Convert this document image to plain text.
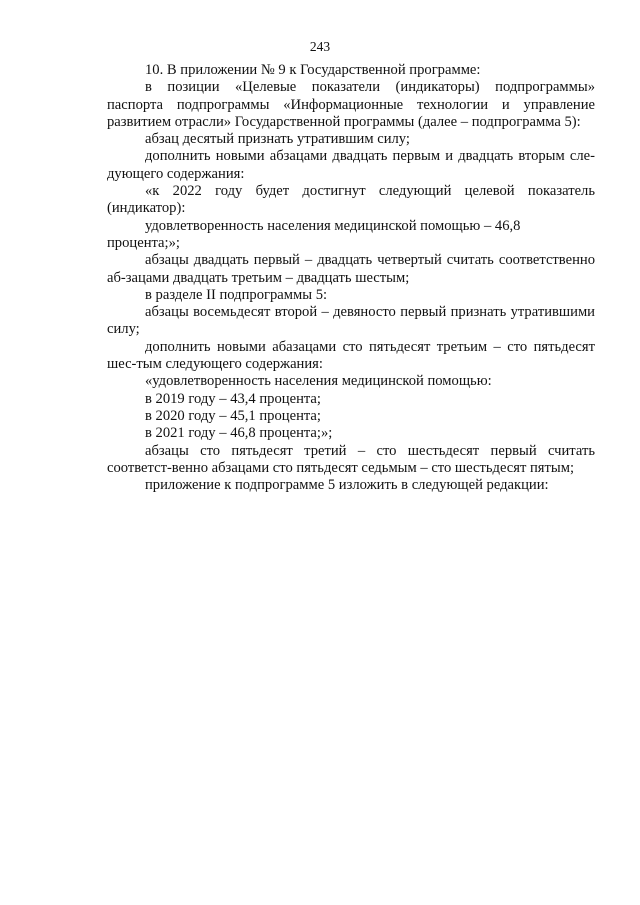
243

10. В приложении № 9 к Государственной программе:

в позиции «Целевые показатели (индикаторы) подпрограммы» паспорта подпрограммы «Информационные технологии и управление развитием отрасли» Государственной программы (далее – подпрограмма 5):

абзац десятый признать утратившим силу;

дополнить новыми абзацами двадцать первым и двадцать вторым сле-дующего содержания:

«к 2022 году будет достигнут следующий целевой показатель (индикатор):

удовлетворенность населения медицинской помощью – 46,8 процента;»;

абзацы двадцать первый – двадцать четвертый считать соответственно аб-зацами двадцать третьим – двадцать шестым;

в разделе II подпрограммы 5:

абзацы восемьдесят второй – девяносто первый признать утратившими силу;

дополнить новыми абазацами сто пятьдесят третьим – сто пятьдесят шес-тым следующего содержания:

«удовлетворенность населения медицинской помощью:

в 2019 году – 43,4 процента;

в 2020 году – 45,1 процента;

в 2021 году – 46,8 процента;»;

абзацы сто пятьдесят третий – сто шестьдесят первый считать соответст-венно абзацами сто пятьдесят седьмым – сто шестьдесят пятым;

приложение к подпрограмме 5 изложить в следующей редакции:
